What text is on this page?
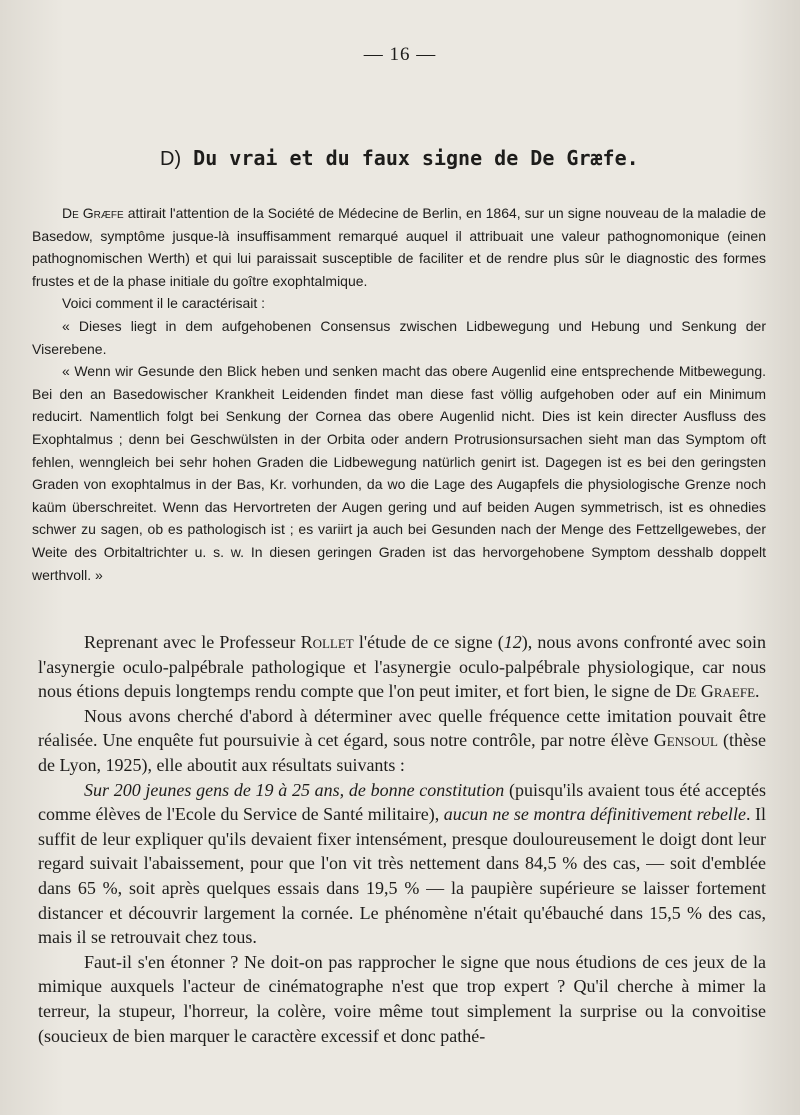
— 16 —
D) Du vrai et du faux signe de De Græfe.

De Græfe attirait l'attention de la Société de Médecine de Berlin, en 1864, sur un signe nouveau de la maladie de Basedow, symptôme jusque-là insuffisamment remarqué auquel il attribuait une valeur pathognomonique (einen pathognomischen Werth) et qui lui paraissait susceptible de faciliter et de rendre plus sûr le diagnostic des formes frustes et de la phase initiale du goître exophtalmique.

Voici comment il le caractérisait :

« Dieses liegt in dem aufgehobenen Consensus zwischen Lidbewegung und Hebung und Senkung der Viserebene.

« Wenn wir Gesunde den Blick heben und senken macht das obere Augenlid eine entsprechende Mitbewegung. Bei den an Basedowischer Krankheit Leidenden findet man diese fast völlig aufgehoben oder auf ein Minimum reducirt. Namentlich folgt bei Senkung der Cornea das obere Augenlid nicht. Dies ist kein directer Ausfluss des Exophtalmus ; denn bei Geschwülsten in der Orbita oder andern Protrusionsursachen sieht man das Symptom oft fehlen, wenngleich bei sehr hohen Graden die Lidbewegung natürlich genirt ist. Dagegen ist es bei den geringsten Graden von exophtalmus in der Bas, Kr. vorhunden, da wo die Lage des Augapfels die physiologische Grenze noch kaüm überschreitet. Wenn das Hervortreten der Augen gering und auf beiden Augen symmetrisch, ist es ohnedies schwer zu sagen, ob es pathologisch ist ; es variirt ja auch bei Gesunden nach der Menge des Fettzellgewebes, der Weite des Orbitaltrichter u. s. w. In diesen geringen Graden ist das hervorgehobene Symptom desshalb doppelt werthvoll. »

Reprenant avec le Professeur Rollet l'étude de ce signe (12), nous avons confronté avec soin l'asynergie oculo-palpébrale pathologique et l'asynergie oculo-palpébrale physiologique, car nous nous étions depuis longtemps rendu compte que l'on peut imiter, et fort bien, le signe de De Graefe.

Nous avons cherché d'abord à déterminer avec quelle fréquence cette imitation pouvait être réalisée. Une enquête fut poursuivie à cet égard, sous notre contrôle, par notre élève Gensoul (thèse de Lyon, 1925), elle aboutit aux résultats suivants :

Sur 200 jeunes gens de 19 à 25 ans, de bonne constitution (puisqu'ils avaient tous été acceptés comme élèves de l'Ecole du Service de Santé militaire), aucun ne se montra définitivement rebelle. Il suffit de leur expliquer qu'ils devaient fixer intensément, presque douloureusement le doigt dont leur regard suivait l'abaissement, pour que l'on vit très nettement dans 84,5 % des cas, — soit d'emblée dans 65 %, soit après quelques essais dans 19,5 % — la paupière supérieure se laisser fortement distancer et découvrir largement la cornée. Le phénomène n'était qu'ébauché dans 15,5 % des cas, mais il se retrouvait chez tous.

Faut-il s'en étonner ? Ne doit-on pas rapprocher le signe que nous étudions de ces jeux de la mimique auxquels l'acteur de cinématographe n'est que trop expert ? Qu'il cherche à mimer la terreur, la stupeur, l'horreur, la colère, voire même tout simplement la surprise ou la convoitise (soucieux de bien marquer le caractère excessif et donc pathé-
